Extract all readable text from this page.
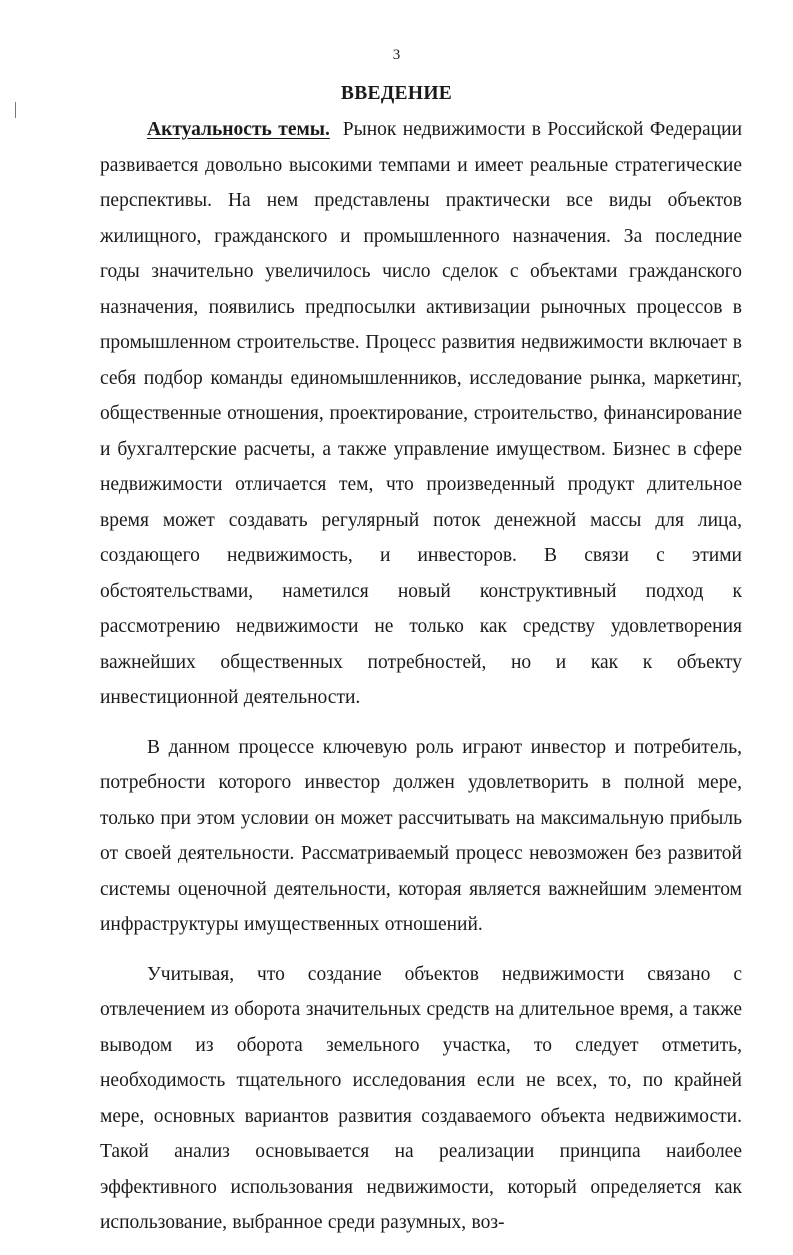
3
ВВЕДЕНИЕ

Актуальность темы. Рынок недвижимости в Российской Федерации развивается довольно высокими темпами и имеет реальные стратегические перспективы. На нем представлены практически все виды объектов жилищного, гражданского и промышленного назначения. За последние годы значительно увеличилось число сделок с объектами гражданского назначения, появились предпосылки активизации рыночных процессов в промышленном строительстве. Процесс развития недвижимости включает в себя подбор команды единомышленников, исследование рынка, маркетинг, общественные отношения, проектирование, строительство, финансирование и бухгалтерские расчеты, а также управление имуществом. Бизнес в сфере недвижимости отличается тем, что произведенный продукт длительное время может создавать регулярный поток денежной массы для лица, создающего недвижимость, и инвесторов. В связи с этими обстоятельствами, наметился новый конструктивный подход к рассмотрению недвижимости не только как средству удовлетворения важнейших общественных потребностей, но и как к объекту инвестиционной деятельности.

В данном процессе ключевую роль играют инвестор и потребитель, потребности которого инвестор должен удовлетворить в полной мере, только при этом условии он может рассчитывать на максимальную прибыль от своей деятельности. Рассматриваемый процесс невозможен без развитой системы оценочной деятельности, которая является важнейшим элементом инфраструктуры имущественных отношений.

Учитывая, что создание объектов недвижимости связано с отвлечением из оборота значительных средств на длительное время, а также выводом из оборота земельного участка, то следует отметить, необходимость тщательного исследования если не всех, то, по крайней мере, основных вариантов развития создаваемого объекта недвижимости. Такой анализ основывается на реализации принципа наиболее эффективного использования недвижимости, который определяется как использование, выбранное среди разумных, воз-
